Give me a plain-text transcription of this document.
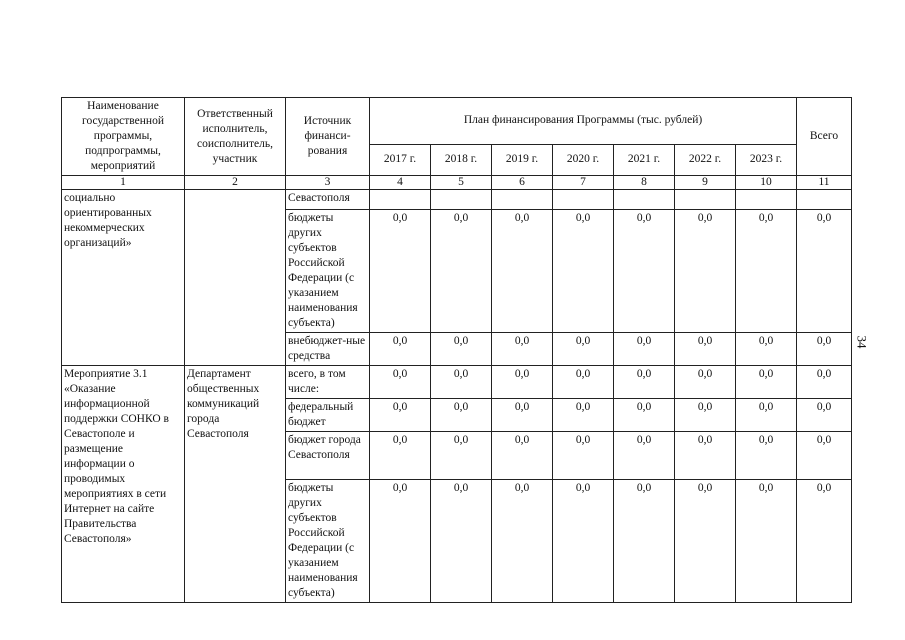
Наименование государственной программы, подпрограммы, мероприятий	Ответственный исполнитель, соисполнитель, участник	Источник финанси-рования	План финансирования Программы (тыс. рублей)							Всего
			2017 г.	2018 г.	2019 г.	2020 г.	2021 г.	2022 г.	2023 г.	
1	2	3	4	5	6	7	8	9	10	11
социально ориентированных некоммерческих организаций»		Севастополя								
		бюджеты других субъектов Российской Федерации (с указанием наименования субъекта)	0,0	0,0	0,0	0,0	0,0	0,0	0,0	0,0
		внебюджет-ные средства	0,0	0,0	0,0	0,0	0,0	0,0	0,0	0,0
Мероприятие 3.1 «Оказание информационной поддержки СОНКО в Севастополе и размещение информации о проводимых мероприятиях в сети Интернет на сайте Правительства Севастополя»	Департамент общественных коммуникаций города Севастополя	всего, в том числе:	0,0	0,0	0,0	0,0	0,0	0,0	0,0	0,0
		федеральный бюджет	0,0	0,0	0,0	0,0	0,0	0,0	0,0	0,0
		бюджет города Севастополя	0,0	0,0	0,0	0,0	0,0	0,0	0,0	0,0
		бюджеты других субъектов Российской Федерации (с указанием наименования субъекта)	0,0	0,0	0,0	0,0	0,0	0,0	0,0	0,0
34
